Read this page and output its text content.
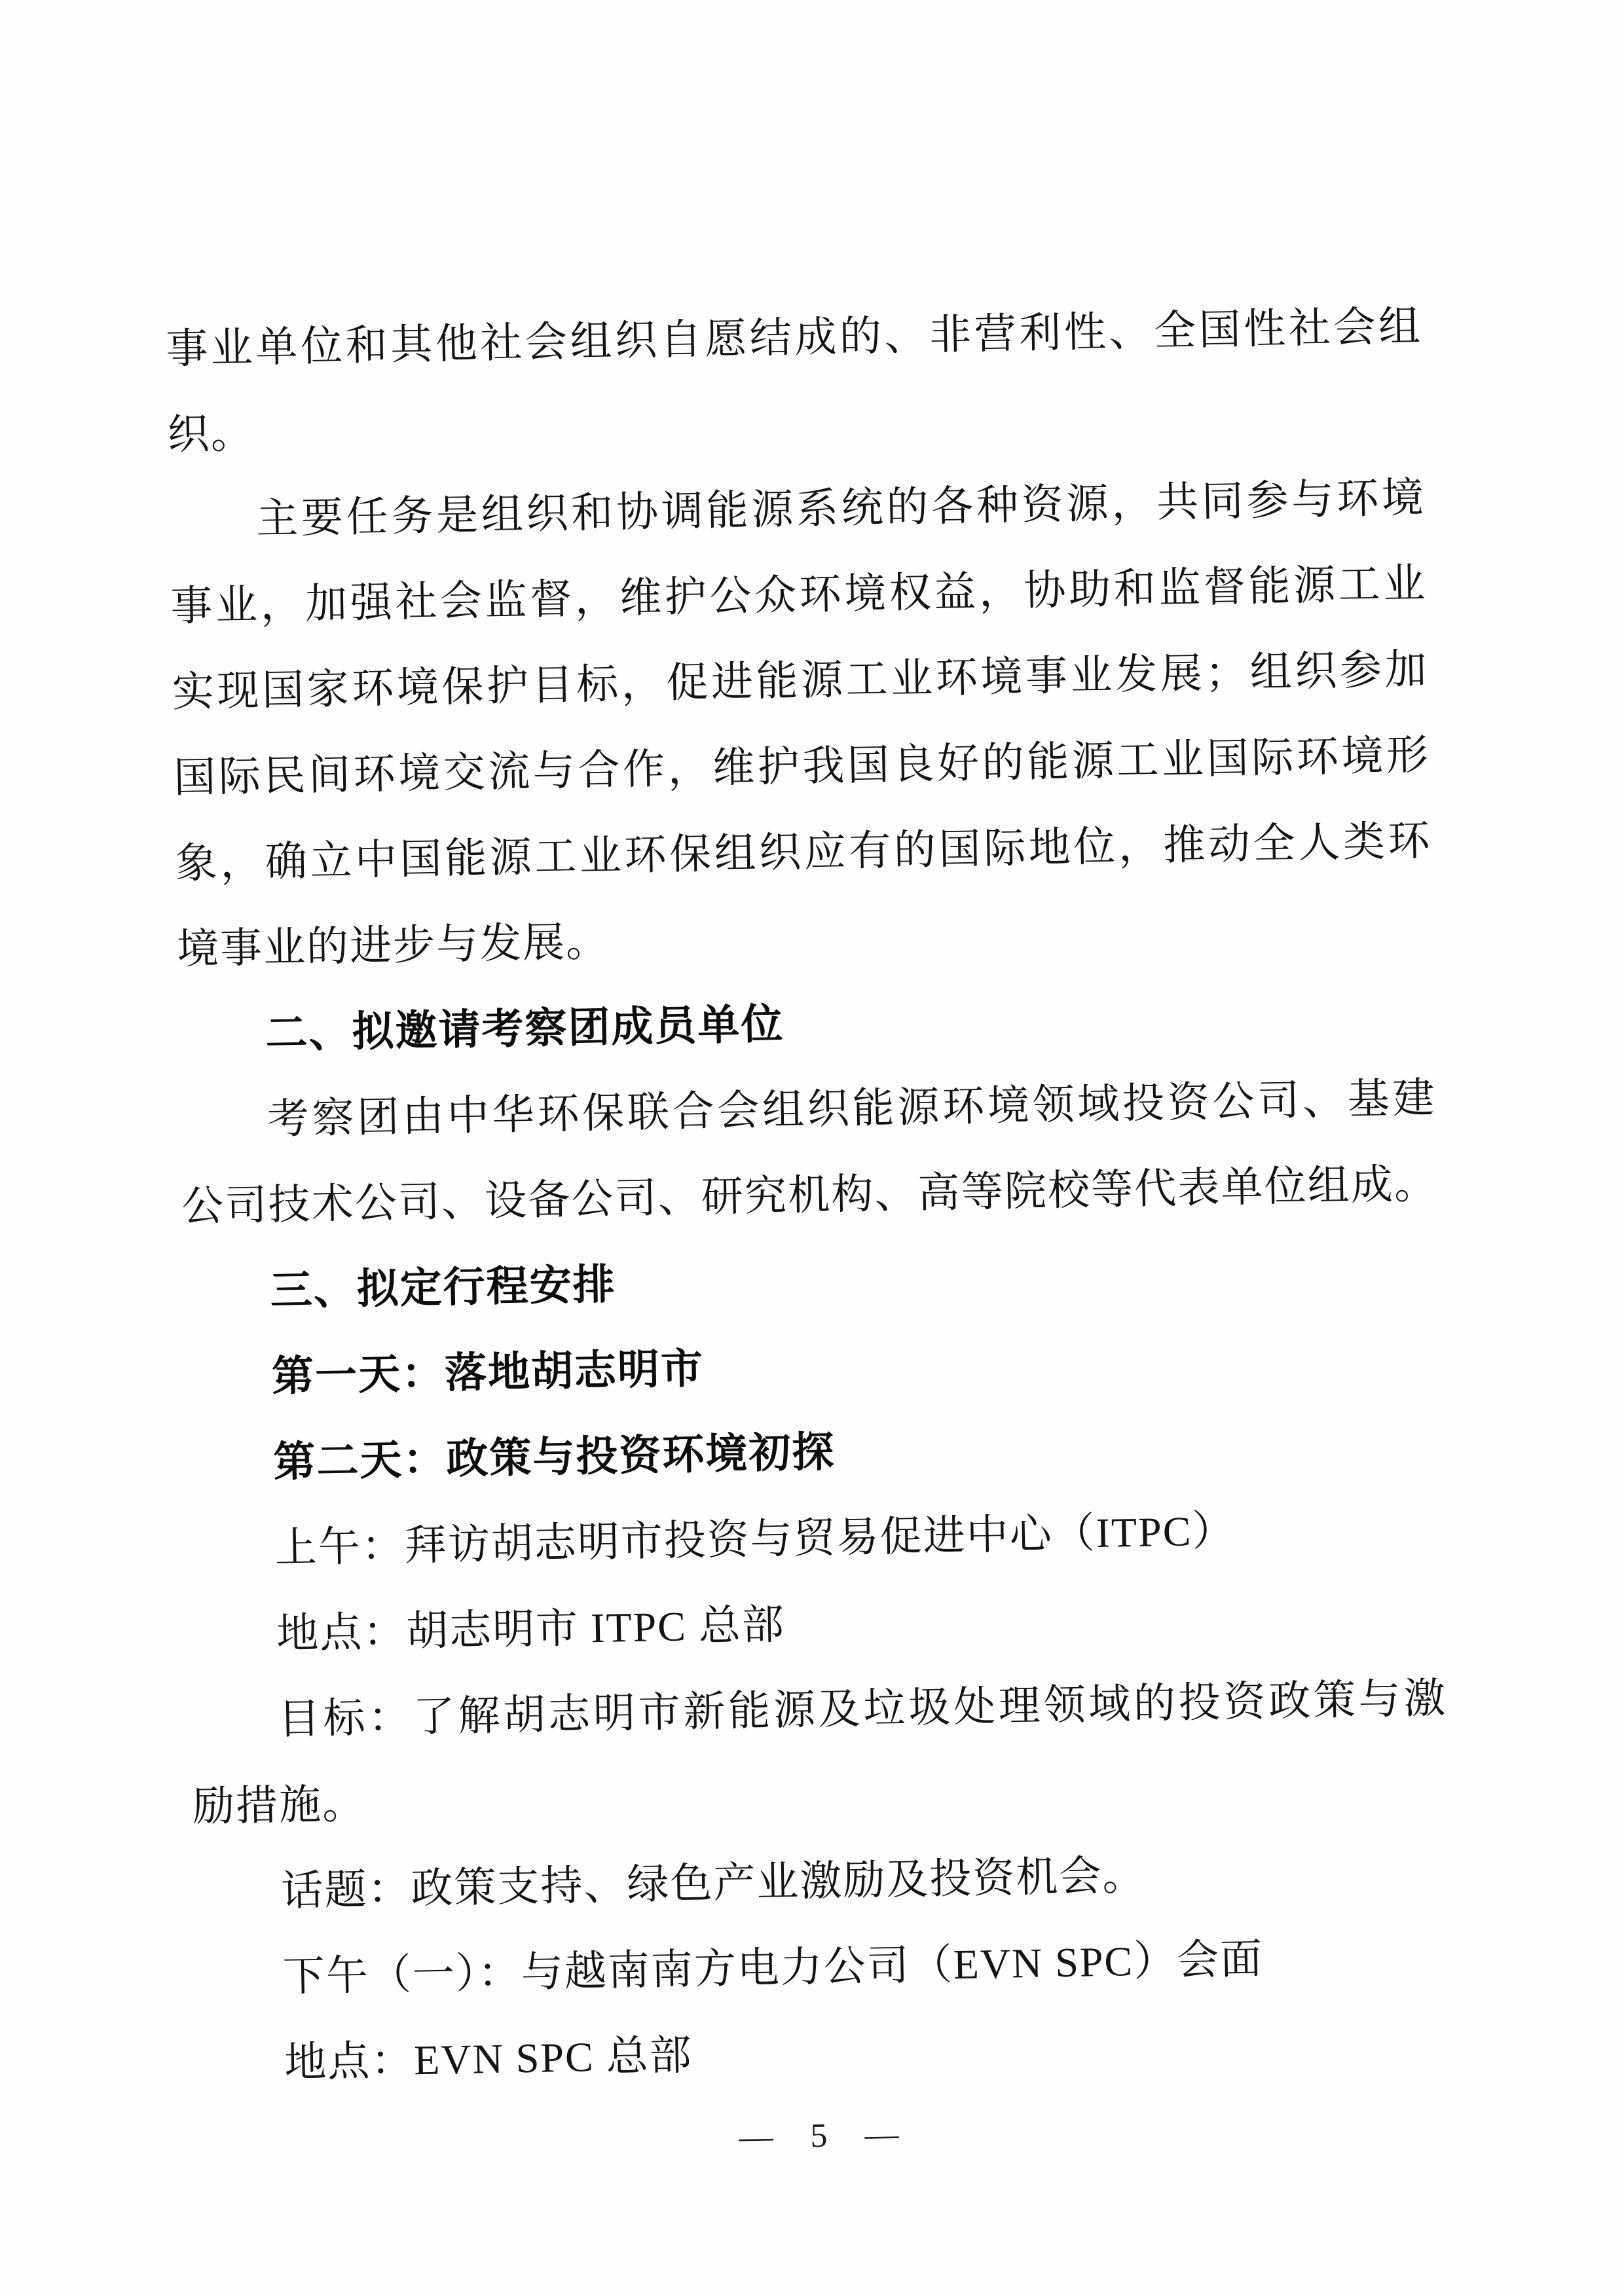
事业单位和其他社会组织自愿结成的、非营利性、全国性社会组
织。
主要任务是组织和协调能源系统的各种资源，共同参与环境
事业，加强社会监督，维护公众环境权益，协助和监督能源工业
实现国家环境保护目标，促进能源工业环境事业发展；组织参加
国际民间环境交流与合作，维护我国良好的能源工业国际环境形
象，确立中国能源工业环保组织应有的国际地位，推动全人类环
境事业的进步与发展。
二、拟邀请考察团成员单位
考察团由中华环保联合会组织能源环境领域投资公司、基建
公司技术公司、设备公司、研究机构、高等院校等代表单位组成。
三、拟定行程安排
第一天：落地胡志明市
第二天：政策与投资环境初探
上午：拜访胡志明市投资与贸易促进中心（ITPC）
地点：胡志明市 ITPC 总部
目标：了解胡志明市新能源及垃圾处理领域的投资政策与激
励措施。
话题：政策支持、绿色产业激励及投资机会。
下午（一）：与越南南方电力公司（EVN SPC）会面
地点：EVN SPC 总部
— 5 —
